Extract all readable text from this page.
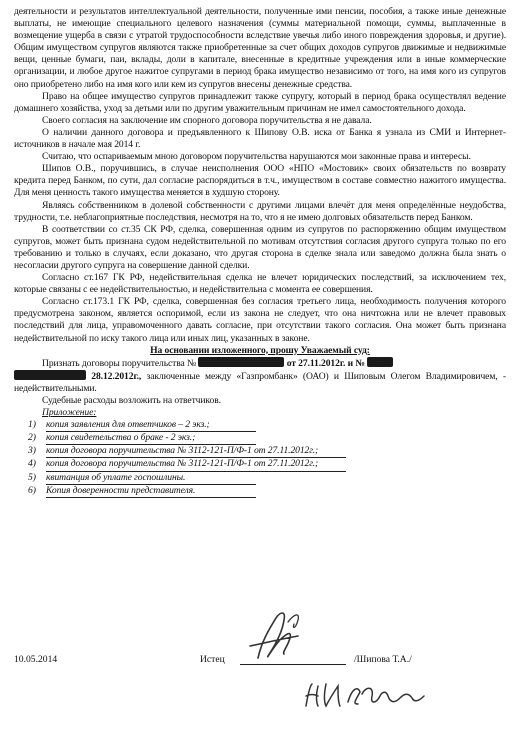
деятельности и результатов интеллектуальной деятельности, полученные ими пенсии, пособия, а также иные денежные выплаты, не имеющие специального целевого назначения (суммы материальной помощи, суммы, выплаченные в возмещение ущерба в связи с утратой трудоспособности вследствие увечья либо иного повреждения здоровья, и другие). Общим имуществом супругов являются также приобретенные за счет общих доходов супругов движимые и недвижимые вещи, ценные бумаги, паи, вклады, доли в капитале, внесенные в кредитные учреждения или в иные коммерческие организации, и любое другое нажитое супругами в период брака имущество независимо от того, на имя кого из супругов оно приобретено либо на имя кого или кем из супругов внесены денежные средства.

Право на общее имущество супругов принадлежит также супругу, который в период брака осуществлял ведение домашнего хозяйства, уход за детьми или по другим уважительным причинам не имел самостоятельного дохода.

Своего согласия на заключение им спорного договора поручительства я не давала.

О наличии данного договора и предъявленного к Шипову О.В. иска от Банка я узнала из СМИ и Интернет-источников в начале мая 2014 г.

Считаю, что оспариваемым мною договором поручительства нарушаются мои законные права и интересы.

Шипов О.В., поручившись, в случае неисполнения ООО «НПО «Мостовик» своих обязательств по возврату кредита перед Банком, по сути, дал согласие распорядиться в т.ч., имуществом в составе совместно нажитого имущества. Для меня ценность такого имущества меняется в худшую сторону.

Являясь собственником в долевой собственности с другими лицами влечёт для меня определённые неудобства, трудности, т.е. неблагоприятные последствия, несмотря на то, что я не имею долговых обязательств перед Банком.

В соответствии со ст.35 СК РФ, сделка, совершенная одним из супругов по распоряжению общим имуществом супругов, может быть признана судом недействительной по мотивам отсутствия согласия другого супруга только по его требованию и только в случаях, если доказано, что другая сторона в сделке знала или заведомо должна была знать о несогласии другого супруга на совершение данной сделки.

Согласно ст.167 ГК РФ, недействительная сделка не влечет юридических последствий, за исключением тех, которые связаны с ее недействительностью, и недействительна с момента ее совершения.

Согласно ст.173.1 ГК РФ, сделка, совершенная без согласия третьего лица, необходимость получения которого предусмотрена законом, является оспоримой, если из закона не следует, что она ничтожна или не влечет правовых последствий для лица, управомоченного давать согласие, при отсутствии такого согласия. Она может быть признана недействительной по иску такого лица или иных лиц, указанных в законе.

На основании изложенного, прошу Уважаемый суд:

Признать договоры поручительства №	от 27.11.2012г. и №
28.12.2012г., заключенные между «Газпромбанк» (ОАО) и Шиповым Олегом Владимировичем, - недействительными.

Судебные расходы возложить на ответчиков.

Приложение:
1)	копия заявления для ответчиков – 2 экз.;
2)	копия свидетельства о браке - 2 экз.;
3)	копия договора поручительства № 3112-121-П/Ф-1 от 27.11.2012г.;
4)	копия договора поручительства № 3112-121-П/Ф-1 от 27.11.2012г.;
5)	квитанция об уплате госпошлины.
6)	Копия доверенности представителя.
10.05.2014	Истец	/Шипова Т.А./
